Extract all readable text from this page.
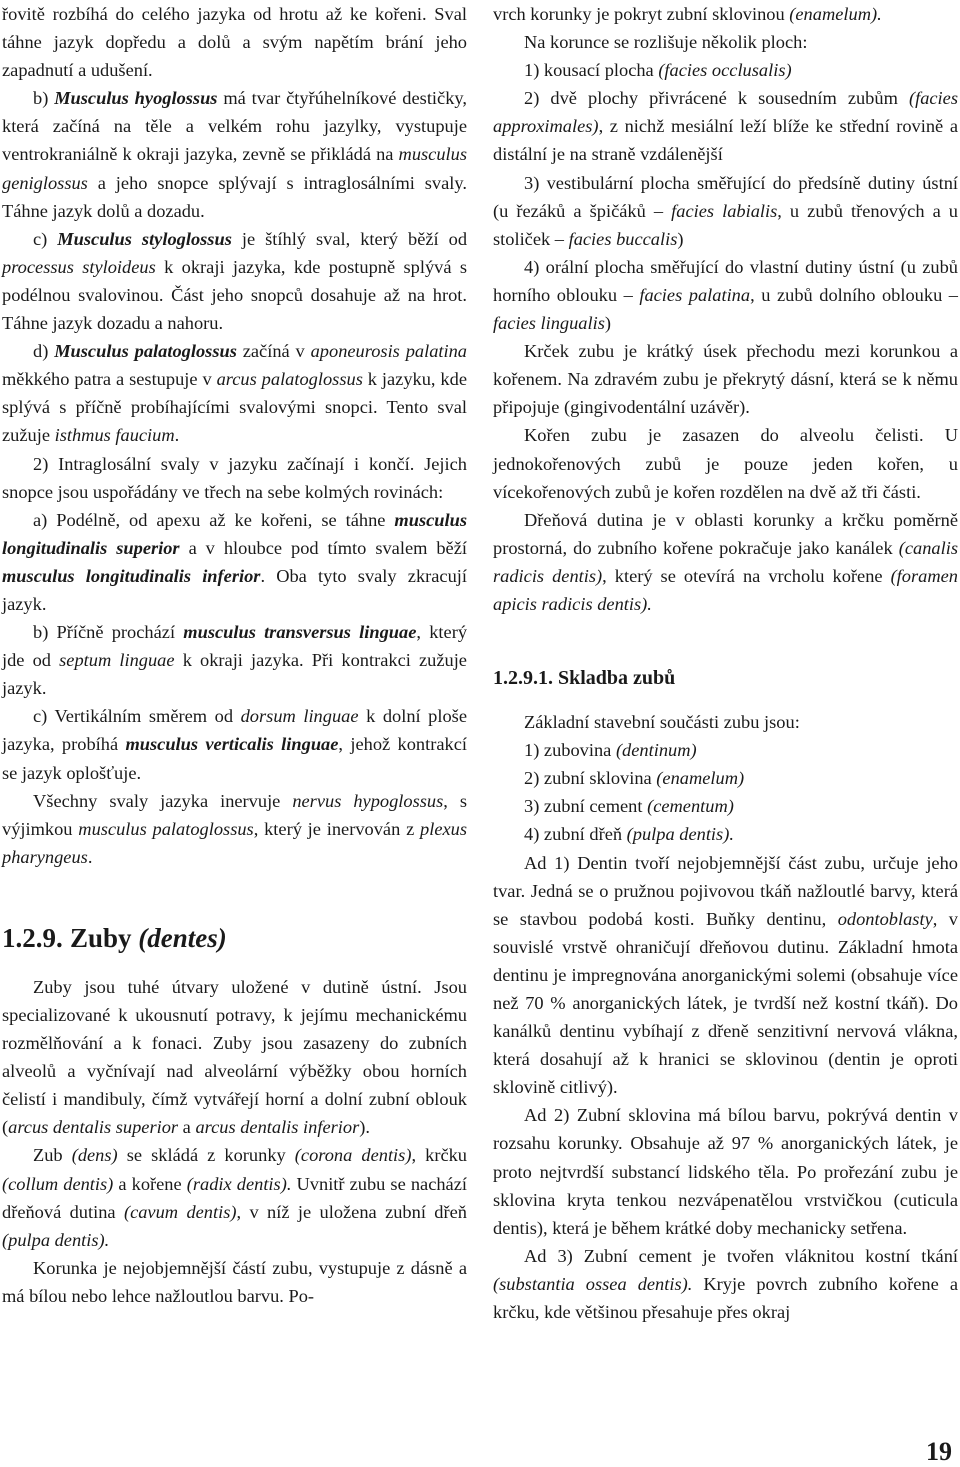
řovitě rozbíhá do celého jazyka od hrotu až ke kořeni. Sval táhne jazyk dopředu a dolů a svým napětím brání jeho zapadnutí a udušení.

b) Musculus hyoglossus má tvar čtyřúhelníkové destičky, která začíná na těle a velkém rohu jazylky, vystupuje ventrokraniálně k okraji jazyka, zevně se přikládá na musculus geniglossus a jeho snopce splývají s intraglosálními svaly. Táhne jazyk dolů a dozadu.

c) Musculus styloglossus je štíhlý sval, který běží od processus styloideus k okraji jazyka, kde postupně splývá s podélnou svalovinou. Část jeho snopců dosahuje až na hrot. Táhne jazyk dozadu a nahoru.

d) Musculus palatoglossus začíná v aponeurosis palatina měkkého patra a sestupuje v arcus palatoglossus k jazyku, kde splývá s příčně probíhajícími svalovými snopci. Tento sval zužuje isthmus faucium.

2) Intraglosální svaly v jazyku začínají i končí. Jejich snopce jsou uspořádány ve třech na sebe kolmých rovinách:

a) Podélně, od apexu až ke kořeni, se táhne musculus longitudinalis superior a v hloubce pod tímto svalem běží musculus longitudinalis inferior. Oba tyto svaly zkracují jazyk.

b) Příčně prochází musculus transversus linguae, který jde od septum linguae k okraji jazyka. Při kontrakci zužuje jazyk.

c) Vertikálním směrem od dorsum linguae k dolní ploše jazyka, probíhá musculus verticalis linguae, jehož kontrakcí se jazyk oplošťuje.

Všechny svaly jazyka inervuje nervus hypoglossus, s výjimkou musculus palatoglossus, který je inervován z plexus pharyngeus.

1.2.9. Zuby (dentes)

Zuby jsou tuhé útvary uložené v dutině ústní. Jsou specializované k ukousnutí potravy, k jejímu mechanickému rozmělňování a k fonaci. Zuby jsou zasazeny do zubních alveolů a vyčnívají nad alveolární výběžky obou horních čelistí i mandibuly, čímž vytvářejí horní a dolní zubní oblouk (arcus dentalis superior a arcus dentalis inferior).

Zub (dens) se skládá z korunky (corona dentis), krčku (collum dentis) a kořene (radix dentis). Uvnitř zubu se nachází dřeňová dutina (cavum dentis), v níž je uložena zubní dřeň (pulpa dentis).

Korunka je nejobjemnější částí zubu, vystupuje z dásně a má bílou nebo lehce nažloutlou barvu. Po-

vrch korunky je pokryt zubní sklovinou (enamelum).

Na korunce se rozlišuje několik ploch:

1) kousací plocha (facies occlusalis)

2) dvě plochy přivrácené k sousedním zubům (facies approximales), z nichž mesiální leží blíže ke střední rovině a distální je na straně vzdálenější

3) vestibulární plocha směřující do předsíně dutiny ústní (u řezáků a špičáků – facies labialis, u zubů třenových a u stoliček – facies buccalis)

4) orální plocha směřující do vlastní dutiny ústní (u zubů horního oblouku – facies palatina, u zubů dolního oblouku – facies lingualis)

Krček zubu je krátký úsek přechodu mezi korunkou a kořenem. Na zdravém zubu je překrytý dásní, která se k němu připojuje (gingivodentální uzávěr).

Kořen zubu je zasazen do alveolu čelisti. U jednokořenových zubů je pouze jeden kořen, u vícekořenových zubů je kořen rozdělen na dvě až tři části.

Dřeňová dutina je v oblasti korunky a krčku poměrně prostorná, do zubního kořene pokračuje jako kanálek (canalis radicis dentis), který se otevírá na vrcholu kořene (foramen apicis radicis dentis).

1.2.9.1. Skladba zubů

Základní stavební součásti zubu jsou:

1) zubovina (dentinum)

2) zubní sklovina (enamelum)

3) zubní cement (cementum)

4) zubní dřeň (pulpa dentis).

Ad 1) Dentin tvoří nejobjemnější část zubu, určuje jeho tvar. Jedná se o pružnou pojivovou tkáň nažloutlé barvy, která se stavbou podobá kosti. Buňky dentinu, odontoblasty, v souvislé vrstvě ohraničují dřeňovou dutinu. Základní hmota dentinu je impregnována anorganickými solemi (obsahuje více než 70 % anorganických látek, je tvrdší než kostní tkáň). Do kanálků dentinu vybíhají z dřeně senzitivní nervová vlákna, která dosahují až k hranici se sklovinou (dentin je oproti sklovině citlivý).

Ad 2) Zubní sklovina má bílou barvu, pokrývá dentin v rozsahu korunky. Obsahuje až 97 % anorganických látek, je proto nejtvrdší substancí lidského těla. Po prořezání zubu je sklovina kryta tenkou nezvápenatělou vrstvičkou (cuticula dentis), která je během krátké doby mechanicky setřena.

Ad 3) Zubní cement je tvořen vláknitou kostní tkání (substantia ossea dentis). Kryje povrch zubního kořene a krčku, kde většinou přesahuje přes okraj

19
